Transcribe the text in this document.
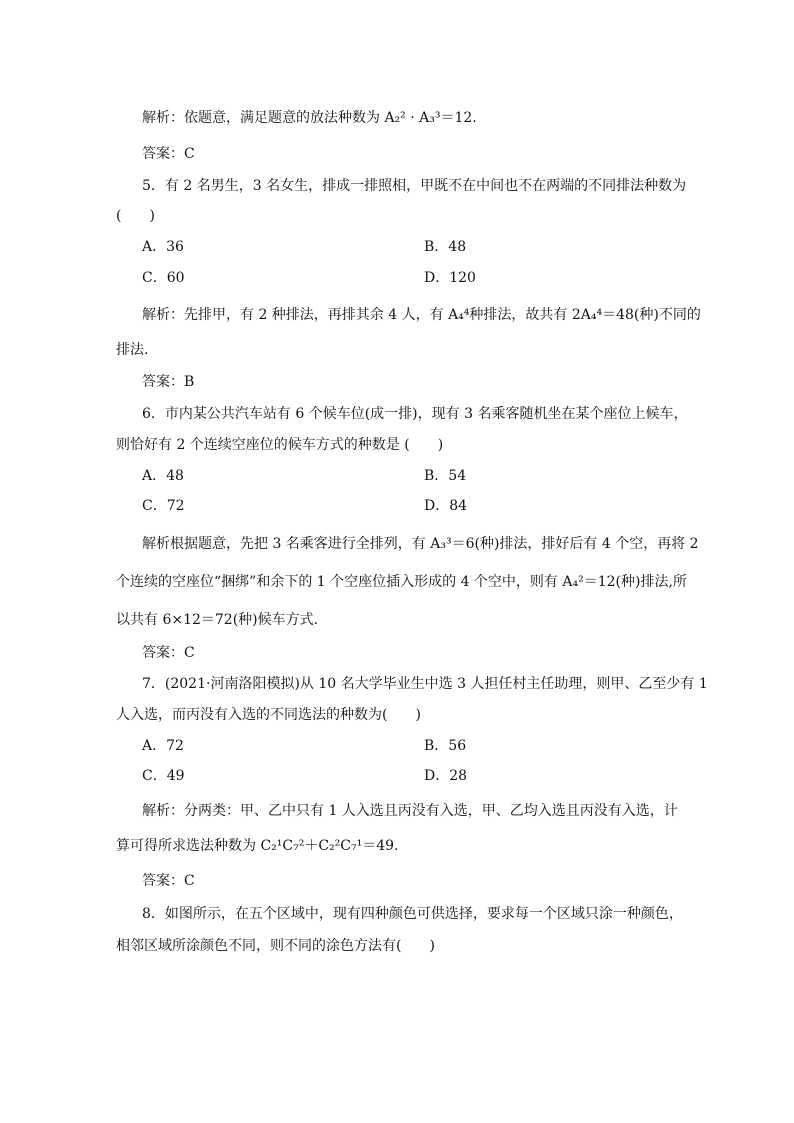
解析：依题意，满足题意的放法种数为 A₂² · A₃³＝12.
答案：C
5．有 2 名男生，3 名女生，排成一排照相，甲既不在中间也不在两端的不同排法种数为
(　　)
A．36	B．48
C．60	D．120
解析：先排甲，有 2 种排法，再排其余 4 人，有 A₄⁴种排法，故共有 2A₄⁴＝48(种)不同的
排法.
答案：B
6．市内某公共汽车站有 6 个候车位(成一排)，现有 3 名乘客随机坐在某个座位上候车，
则恰好有 2 个连续空座位的候车方式的种数是 (　　)
A．48	B．54
C．72	D．84
解析根据题意，先把 3 名乘客进行全排列，有 A₃³＝6(种)排法，排好后有 4 个空，再将 2
个连续的空座位“捆绑”和余下的 1 个空座位插入形成的 4 个空中，则有 A₄²＝12(种)排法,所
以共有 6×12＝72(种)候车方式.
答案：C
7．(2021·河南洛阳模拟)从 10 名大学毕业生中选 3 人担任村主任助理，则甲、乙至少有 1
人入选，而丙没有入选的不同选法的种数为(　　)
A．72	B．56
C．49	D．28
解析：分两类：甲、乙中只有 1 人入选且丙没有入选，甲、乙均入选且丙没有入选，计
算可得所求选法种数为 C₂¹C₇²＋C₂²C₇¹＝49.
答案：C
8．如图所示，在五个区域中，现有四种颜色可供选择，要求每一个区域只涂一种颜色，
相邻区域所涂颜色不同，则不同的涂色方法有(　　)
